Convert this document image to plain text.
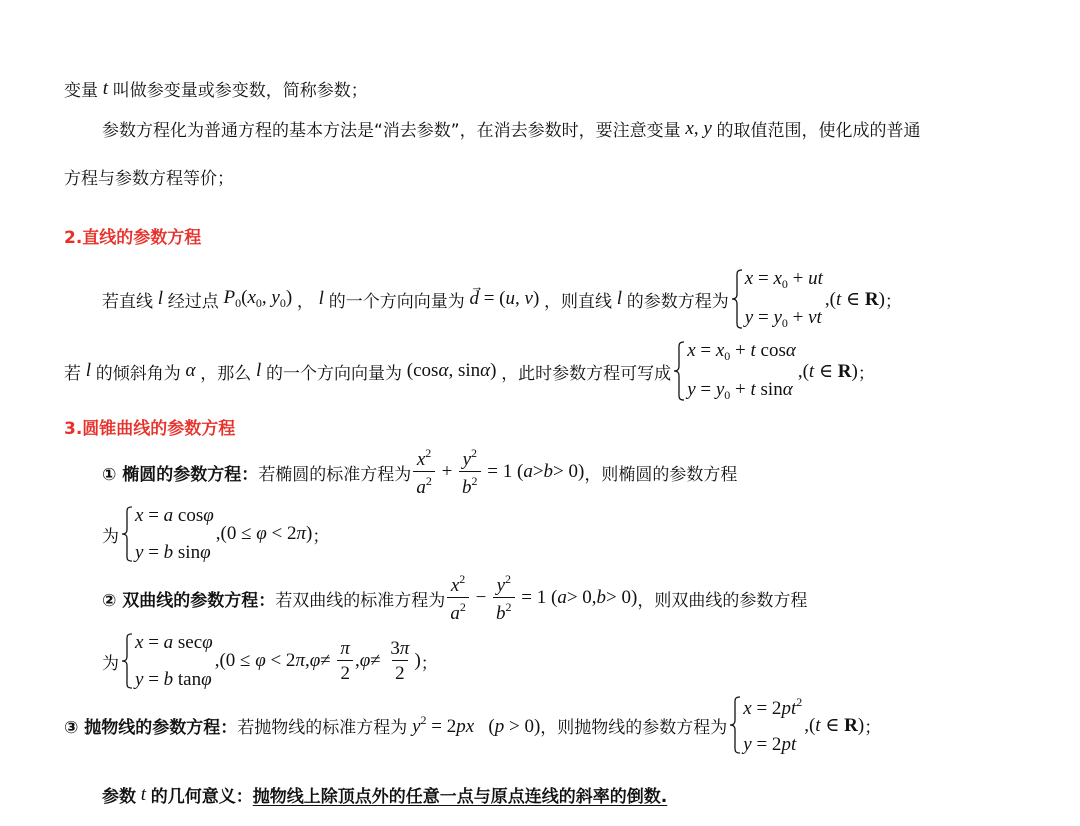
变量 t 叫做参变量或参变数，简称参数；
参数方程化为普通方程的基本方法是“消去参数”，在消去参数时，要注意变量 x, y 的取值范围，使化成的普通
方程与参数方程等价；
2.直线的参数方程
若直线 l 经过点 $P_0(x_0$, $y_0$) ， l 的一个方向向量为 d
→
= (u, v) ，则直线 l 的参数方程为
$x = x_0$ + ut
$y = y_0$ + vt
,(t ∈ R) ；
若 l 的倾斜角为 α ，那么 l 的一个方向向量为 (cosα, sinα) ，此时参数方程可写成
$x = x_0 + t$ cosα
$y = y_0 + t$ sinα
,(t ∈ R) ；
3.圆锥曲线的参数方程
① 椭圆的参数方程： 若椭圆的标准方程为 $\frac{x^2}{a^2} + \frac{y^2}{b^2} = 1$ ( a > b > 0) ，则椭圆的参数方程
为
x = a cosφ
y = b sinφ
,(0 ≤ φ < 2π) ；
② 双曲线的参数方程： 若双曲线的标准方程为 $\frac{x^2}{a^2} - \frac{y^2}{b^2} = 1$ ( a > 0, b > 0) ，则双曲线的参数方程
为
x = a secφ
y = b tanφ
,(0 ≤ φ < 2 π , $\varphi \ne \frac{\pi}{2}$ , $\varphi \ne \frac{3\pi}{2}$ ) ；
③ 抛物线的参数方程： 若抛物线的标准方程为 $y^2 = 2px$   (p > 0) ，则抛物线的参数方程为
$x = 2pt^2$
y = 2pt
,(t ∈ R) ；
参数 t 的几何意义： 抛物线上除顶点外的任意一点与原点连线的斜率的倒数.
